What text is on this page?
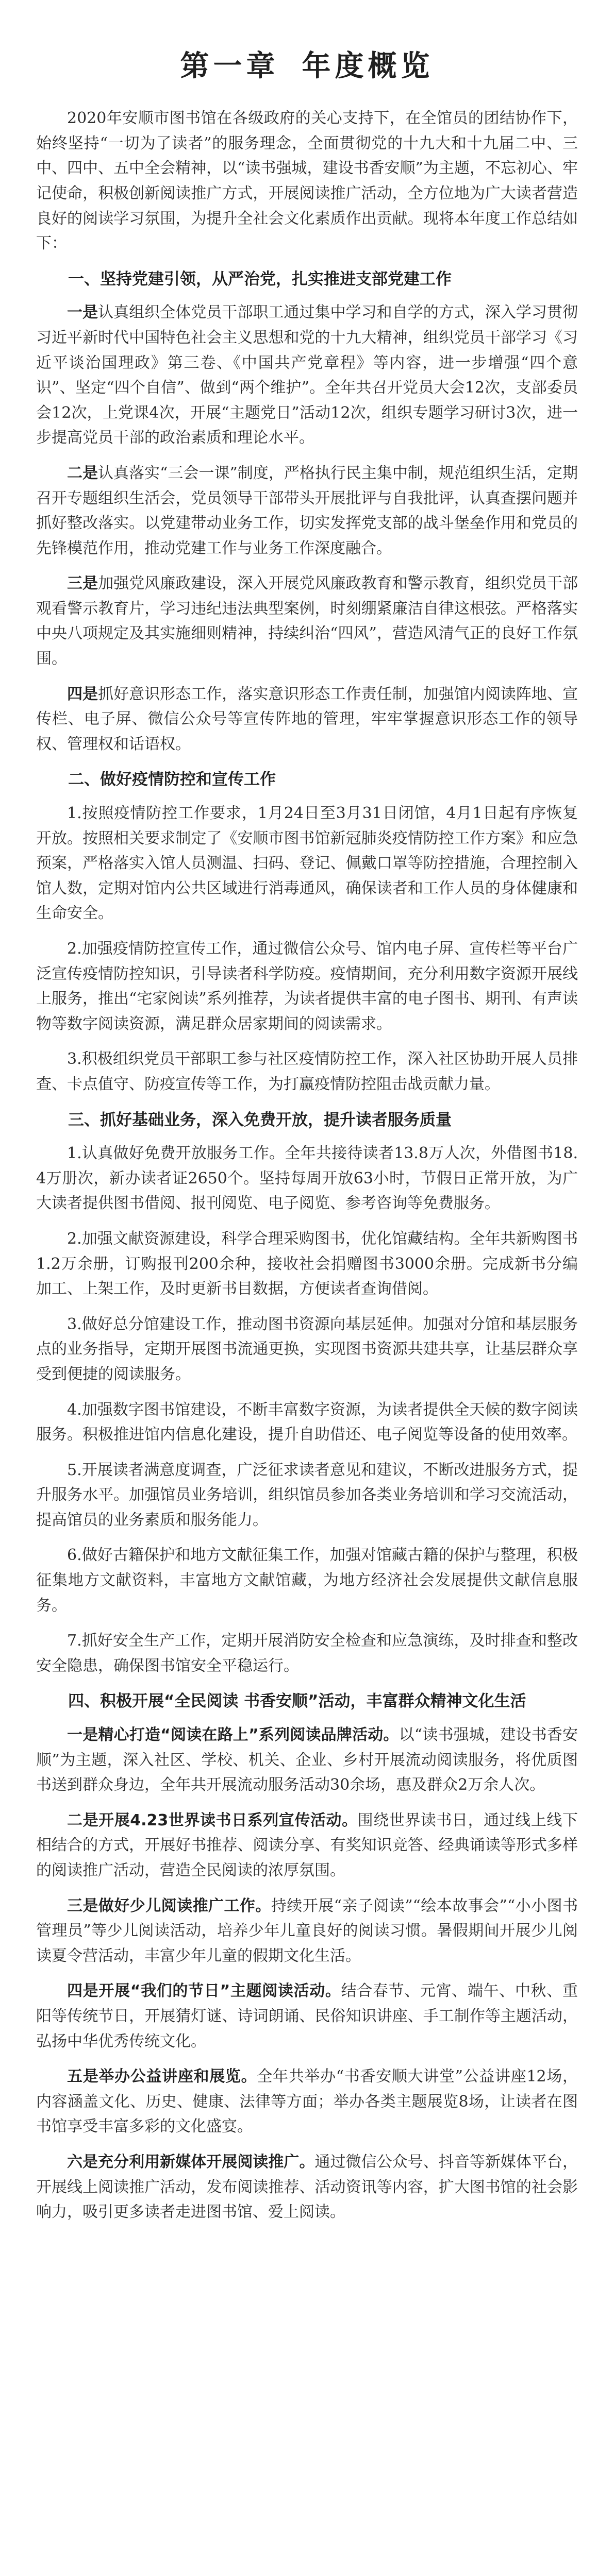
第一章 年度概览

2020年安顺市图书馆在各级政府的关心支持下，在全馆员的团结协作下，始终坚持“一切为了读者”的服务理念，全面贯彻党的十九大和十九届二中、三中、四中、五中全会精神，以“读书强城，建设书香安顺”为主题，不忘初心、牢记使命，积极创新阅读推广方式，开展阅读推广活动，全方位地为广大读者营造良好的阅读学习氛围，为提升全社会文化素质作出贡献。现将本年度工作总结如下：

一、坚持党建引领，从严治党，扎实推进支部党建工作

一是认真组织全体党员干部职工通过集中学习和自学的方式，深入学习贯彻习近平新时代中国特色社会主义思想和党的十九大精神，组织党员干部学习《习近平谈治国理政》第三卷、《中国共产党章程》等内容，进一步增强“四个意识”、坚定“四个自信”、做到“两个维护”。全年共召开党员大会12次，支部委员会12次，上党课4次，开展“主题党日”活动12次，组织专题学习研讨3次，进一步提高党员干部的政治素质和理论水平。

二是认真落实“三会一课”制度，严格执行民主集中制，规范组织生活，定期召开专题组织生活会，党员领导干部带头开展批评与自我批评，认真查摆问题并抓好整改落实。以党建带动业务工作，切实发挥党支部的战斗堡垒作用和党员的先锋模范作用，推动党建工作与业务工作深度融合。

三是加强党风廉政建设，深入开展党风廉政教育和警示教育，组织党员干部观看警示教育片，学习违纪违法典型案例，时刻绷紧廉洁自律这根弦。严格落实中央八项规定及其实施细则精神，持续纠治“四风”，营造风清气正的良好工作氛围。

四是抓好意识形态工作，落实意识形态工作责任制，加强馆内阅读阵地、宣传栏、电子屏、微信公众号等宣传阵地的管理，牢牢掌握意识形态工作的领导权、管理权和话语权。

二、做好疫情防控和宣传工作

1.按照疫情防控工作要求，1月24日至3月31日闭馆，4月1日起有序恢复开放。按照相关要求制定了《安顺市图书馆新冠肺炎疫情防控工作方案》和应急预案，严格落实入馆人员测温、扫码、登记、佩戴口罩等防控措施，合理控制入馆人数，定期对馆内公共区域进行消毒通风，确保读者和工作人员的身体健康和生命安全。

2.加强疫情防控宣传工作，通过微信公众号、馆内电子屏、宣传栏等平台广泛宣传疫情防控知识，引导读者科学防疫。疫情期间，充分利用数字资源开展线上服务，推出“宅家阅读”系列推荐，为读者提供丰富的电子图书、期刊、有声读物等数字阅读资源，满足群众居家期间的阅读需求。

3.积极组织党员干部职工参与社区疫情防控工作，深入社区协助开展人员排查、卡点值守、防疫宣传等工作，为打赢疫情防控阻击战贡献力量。

三、抓好基础业务，深入免费开放，提升读者服务质量

1.认真做好免费开放服务工作。全年共接待读者13.8万人次，外借图书18.4万册次，新办读者证2650个。坚持每周开放63小时，节假日正常开放，为广大读者提供图书借阅、报刊阅览、电子阅览、参考咨询等免费服务。

2.加强文献资源建设，科学合理采购图书，优化馆藏结构。全年共新购图书1.2万余册，订购报刊200余种，接收社会捐赠图书3000余册。完成新书分编加工、上架工作，及时更新书目数据，方便读者查询借阅。

3.做好总分馆建设工作，推动图书资源向基层延伸。加强对分馆和基层服务点的业务指导，定期开展图书流通更换，实现图书资源共建共享，让基层群众享受到便捷的阅读服务。

4.加强数字图书馆建设，不断丰富数字资源，为读者提供全天候的数字阅读服务。积极推进馆内信息化建设，提升自助借还、电子阅览等设备的使用效率。

5.开展读者满意度调查，广泛征求读者意见和建议，不断改进服务方式，提升服务水平。加强馆员业务培训，组织馆员参加各类业务培训和学习交流活动，提高馆员的业务素质和服务能力。

6.做好古籍保护和地方文献征集工作，加强对馆藏古籍的保护与整理，积极征集地方文献资料，丰富地方文献馆藏，为地方经济社会发展提供文献信息服务。

7.抓好安全生产工作，定期开展消防安全检查和应急演练，及时排查和整改安全隐患，确保图书馆安全平稳运行。

四、积极开展“全民阅读 书香安顺”活动，丰富群众精神文化生活

一是精心打造“阅读在路上”系列阅读品牌活动。以“读书强城，建设书香安顺”为主题，深入社区、学校、机关、企业、乡村开展流动阅读服务，将优质图书送到群众身边，全年共开展流动服务活动30余场，惠及群众2万余人次。

二是开展4.23世界读书日系列宣传活动。围绕世界读书日，通过线上线下相结合的方式，开展好书推荐、阅读分享、有奖知识竞答、经典诵读等形式多样的阅读推广活动，营造全民阅读的浓厚氛围。

三是做好少儿阅读推广工作。持续开展“亲子阅读”“绘本故事会”“小小图书管理员”等少儿阅读活动，培养少年儿童良好的阅读习惯。暑假期间开展少儿阅读夏令营活动，丰富少年儿童的假期文化生活。

四是开展“我们的节日”主题阅读活动。结合春节、元宵、端午、中秋、重阳等传统节日，开展猜灯谜、诗词朗诵、民俗知识讲座、手工制作等主题活动，弘扬中华优秀传统文化。

五是举办公益讲座和展览。全年共举办“书香安顺大讲堂”公益讲座12场，内容涵盖文化、历史、健康、法律等方面；举办各类主题展览8场，让读者在图书馆享受丰富多彩的文化盛宴。

六是充分利用新媒体开展阅读推广。通过微信公众号、抖音等新媒体平台，开展线上阅读推广活动，发布阅读推荐、活动资讯等内容，扩大图书馆的社会影响力，吸引更多读者走进图书馆、爱上阅读。
